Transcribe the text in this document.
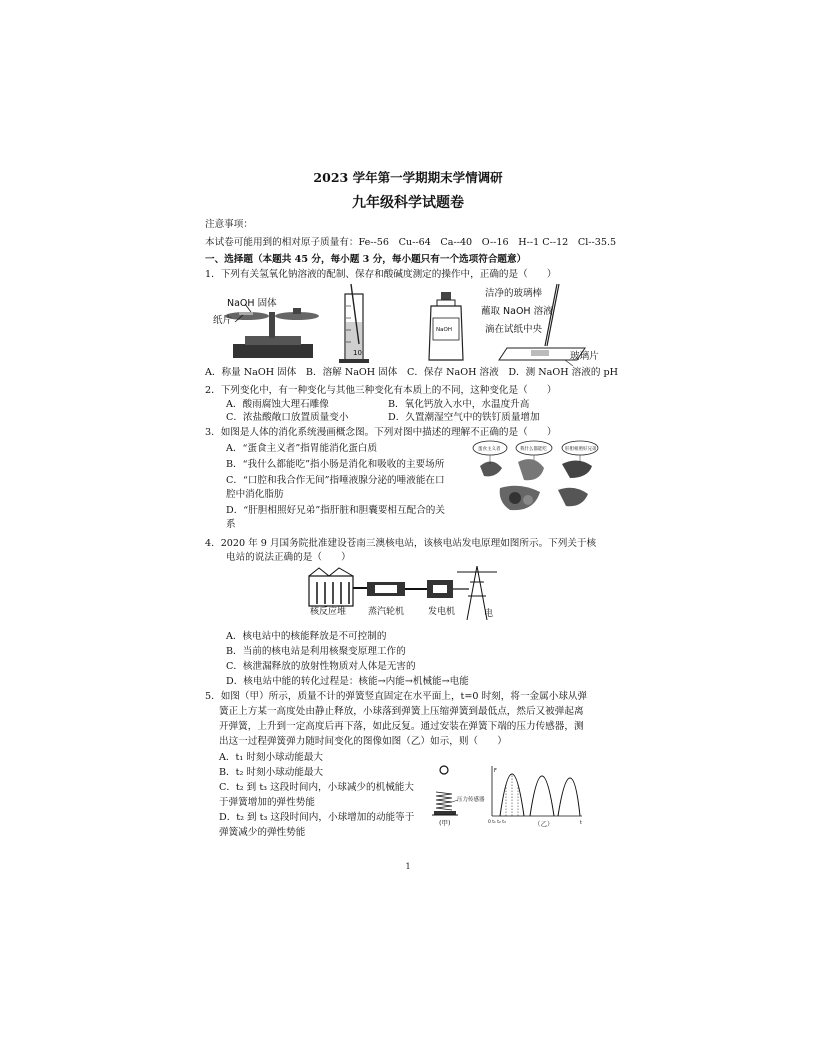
2023 学年第一学期期末学情调研
九年级科学试题卷
注意事项：
本试卷可能用到的相对原子质量有：Fe--56　Cu--64　Ca--40　O--16　H--1 C--12　Cl--35.5
一、选择题（本题共 45 分，每小题 3 分，每小题只有一个选项符合题意）
1．下列有关氢氧化钠溶液的配制、保存和酸碱度测定的操作中，正确的是（　　）
NaOH 固体
纸片
10
NaOH
洁净的玻璃棒
蘸取 NaOH 溶液
滴在试纸中央
玻璃片
A．称量 NaOH 固体　B．溶解 NaOH 固体　C．保存 NaOH 溶液　D．测 NaOH 溶液的 pH
2．下列变化中，有一种变化与其他三种变化有本质上的不同，这种变化是（　　）
A．酸雨腐蚀大理石雕像	B．氧化钙放入水中，水温度升高
C．浓盐酸敞口放置质量变小	D．久置潮湿空气中的铁钉质量增加
3．如图是人体的消化系统漫画概念图。下列对图中描述的理解不正确的是（　　）
A．“蛋食主义者”指胃能消化蛋白质
B．“我什么都能吃”指小肠是消化和吸收的主要场所
C．“口腔和我合作无间”指唾液腺分泌的唾液能在口
腔中消化脂肪
D．“肝胆相照好兄弟”指肝脏和胆囊要相互配合的关
系
蛋食主义者	我什么都能吃	肝胆相照好兄弟
4．2020 年 9 月国务院批准建设苍南三澳核电站，该核电站发电原理如图所示。下列关于核
电站的说法正确的是（　　）
核反应堆 蒸汽轮机	发电机	电
A．核电站中的核能释放是不可控制的
B．当前的核电站是利用核聚变原理工作的
C．核泄漏释放的放射性物质对人体是无害的
D．核电站中能的转化过程是：核能→内能→机械能→电能
5．如图（甲）所示，质量不计的弹簧竖直固定在水平面上，t=0 时刻，将一金属小球从弹
簧正上方某一高度处由静止释放，小球落到弹簧上压缩弹簧到最低点，然后又被弹起离
开弹簧，上升到一定高度后再下落，如此反复。通过安装在弹簧下端的压力传感器，测
出这一过程弹簧弹力随时间变化的图像如图（乙）如示，则（　　）
A．t₁ 时刻小球动能最大
B．t₂ 时刻小球动能最大
C．t₂ 到 t₃ 这段时间内，小球减少的机械能大
于弹簧增加的弹性势能
D．t₂ 到 t₃ 这段时间内，小球增加的动能等于
弹簧减少的弹性势能
压力传感器
(甲)
F
t
0 t₁ t₂ t₃	（乙）
1
